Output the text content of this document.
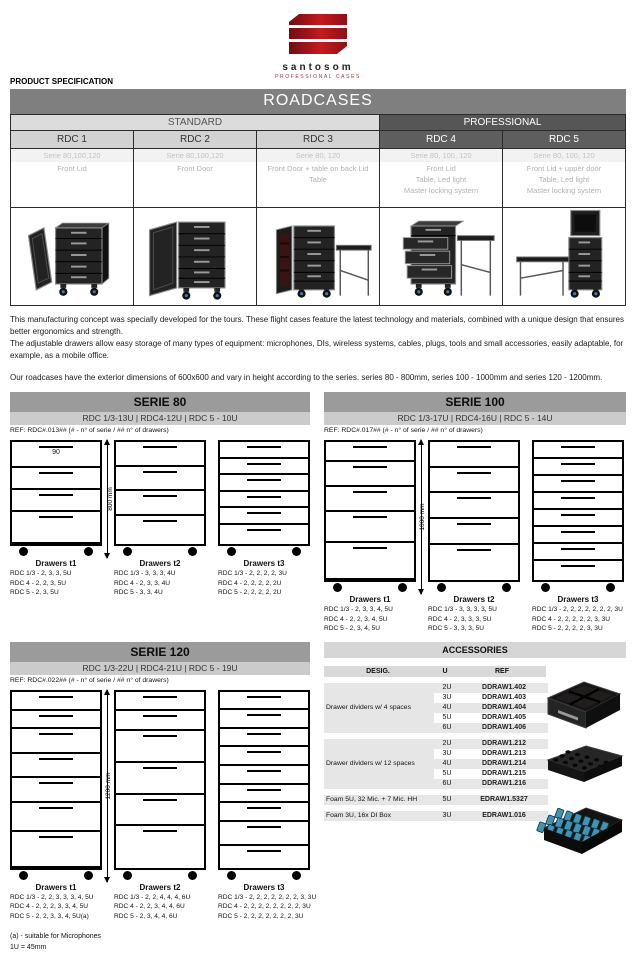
santosom
PROFESSIONAL CASES
PRODUCT SPECIFICATION
ROADCASES
STANDARD			PROFESSIONAL	
RDC 1	RDC 2	RDC 3	RDC 4	RDC 5

Serie 80,100,120
Front Lid

Serie 80,100,120
Front Door

Serie 80, 120
Front Door + table on back Lid
Table

Serie 80, 100, 120
Front Lid
Table, Led light
Master locking system

Serie 80, 100, 120
Front Lid + upper door
Table, Led light
Master locking system

This manufacturing concept was specially developed for the tours. These flight cases feature the latest technology and materials, combined with a unique design that ensures better ergonomics and strength.

The adjustable drawers allow easy storage of many types of equipment: microphones, DIs, wireless systems, cables, plugs, tools and small accessories, easily adaptable, for example, as a mobile office.

Our roadcases have the exterior dimensions of 600x600 and vary in height according to the series. series 80 - 800mm, series 100 - 1000mm and series 120 - 1200mm.

SERIE 80
RDC 1/3-13U | RDC4-12U | RDC 5 - 10U
REF: RDC#.013## (# - n° of serie / ## n° of drawers)
90
800 mm
Drawers t1
RDC 1/3 - 2, 3, 3, 5U
RDC 4 - 2, 2, 3, 5U
RDC 5 - 2, 3, 5U
Drawers t2
RDC 1/3 - 3, 3, 3, 4U
RDC 4 - 2, 3, 3, 4U
RDC 5 - 3, 3, 4U
Drawers t3
RDC 1/3 - 2, 2, 2, 2, 3U
RDC 4 - 2, 2, 2, 2, 2U
RDC 5 - 2, 2, 2, 2, 2U
SERIE 100
RDC 1/3-17U | RDC4-16U | RDC 5 - 14U
REF: RDC#.017## (# - n° of serie / ## n° of drawers)
1000 mm
Drawers t1
RDC 1/3 - 2, 3, 3, 4, 5U
RDC 4 - 2, 2, 3, 4, 5U
RDC 5 - 2, 3, 4, 5U
Drawers t2
RDC 1/3 - 3, 3, 3, 3, 5U
RDC 4 - 2, 3, 3, 3, 5U
RDC 5 - 3, 3, 3, 5U
Drawers t3
RDC 1/3 - 2, 2, 2, 2, 2, 2, 2, 3U
RDC 4 - 2, 2, 2, 2, 2, 3, 3U
RDC 5 - 2, 2, 2, 2, 3, 3U
SERIE 120
RDC 1/3-22U | RDC4-21U | RDC 5 - 19U
REF: RDC#.022## (# - n° of serie / ## n° of drawers)
1200 mm
Drawers t1
RDC 1/3 - 2, 2, 3, 3, 3, 4, 5U
RDC 4 - 2, 2, 2, 3, 3, 4, 5U
RDC 5 - 2, 2, 3, 3, 4, 5U(a)
Drawers t2
RDC 1/3 - 2, 2, 4, 4, 4, 6U
RDC 4 - 2, 2, 3, 4, 4, 6U
RDC 5 - 2, 3, 4, 4, 6U
Drawers t3
RDC 1/3 - 2, 2, 2, 2, 2, 2, 2, 3, 3U
RDC 4 - 2, 2, 2, 2, 2, 2, 2, 2, 3U
RDC 5 - 2, 2, 2, 2, 2, 2, 2, 3U
(a) - suitable for Microphones
1U = 45mm
ACCESSORIES
DESIG.	U	REF
Drawer dividers w/ 4 spaces
2U	DDRAW1.402
3U	DDRAW1.403
4U	DDRAW1.404
5U	DDRAW1.405
6U	DDRAW1.406
Drawer dividers w/ 12 spaces
2U	DDRAW1.212
3U	DDRAW1.213
4U	DDRAW1.214
5U	DDRAW1.215
6U	DDRAW1.216
Foam 5U, 32 Mic. + 7 Mic. HH	5U	EDRAW1.5327
Foam 3U, 16x DI Box	3U	EDRAW1.016
